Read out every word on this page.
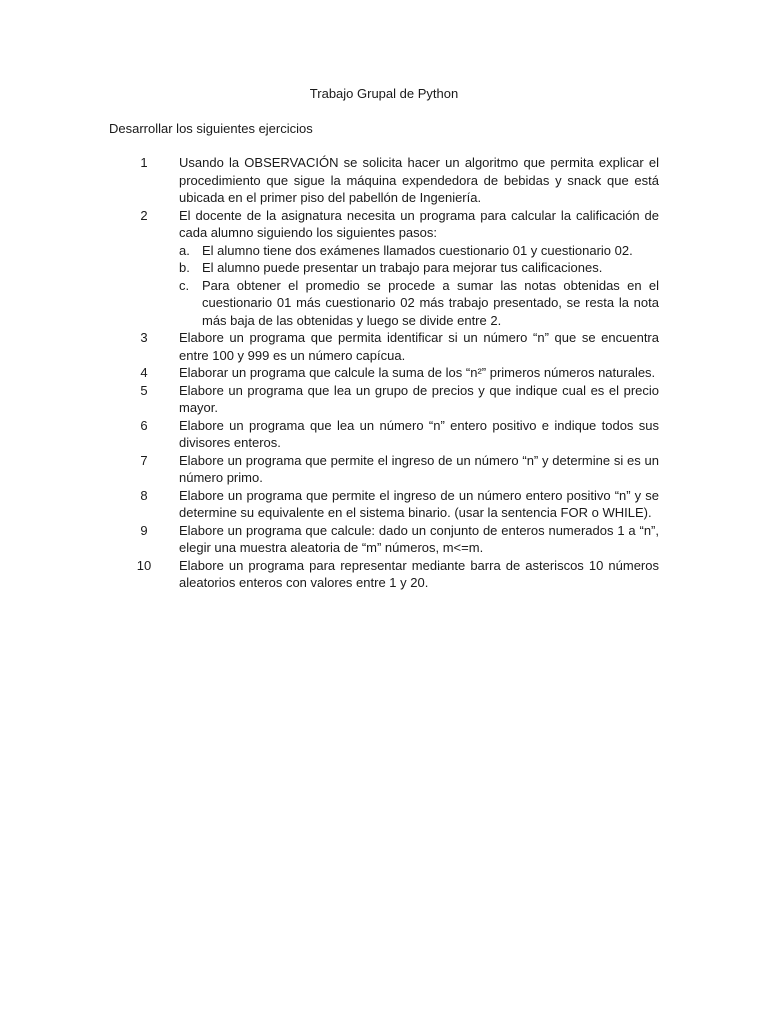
Trabajo Grupal de Python
Desarrollar los siguientes ejercicios
1	Usando la OBSERVACIÓN se solicita hacer un algoritmo que permita explicar el procedimiento que sigue la máquina expendedora de bebidas y snack que está ubicada en el primer piso del pabellón de Ingeniería.

2	El docente de la asignatura necesita un programa para calcular la calificación de cada alumno siguiendo los siguientes pasos:

a. El alumno tiene dos exámenes llamados cuestionario 01 y cuestionario 02.
b. El alumno puede presentar un trabajo para mejorar tus calificaciones.
c. Para obtener el promedio se procede a sumar las notas obtenidas en el cuestionario 01 más cuestionario 02 más trabajo presentado, se resta la nota más baja de las obtenidas y luego se divide entre 2.
3	Elabore un programa que permita identificar si un número “n” que se encuentra entre 100 y 999 es un número capícua.

4	Elaborar un programa que calcule la suma de los “n²” primeros números naturales.

5	Elabore un programa que lea un grupo de precios y que indique cual es el precio mayor.

6	Elabore un programa que lea un número “n” entero positivo e indique todos sus divisores enteros.

7	Elabore un programa que permite el ingreso de un número “n” y determine si es un número primo.

8	Elabore un programa que permite el ingreso de un número entero positivo “n” y se determine su equivalente en el sistema binario. (usar la sentencia FOR o WHILE).

9	Elabore un programa que calcule: dado un conjunto de enteros numerados 1 a “n”, elegir una muestra aleatoria de “m” números, m<=m.

10	Elabore un programa para representar mediante barra de asteriscos 10 números aleatorios enteros con valores entre 1 y 20.
